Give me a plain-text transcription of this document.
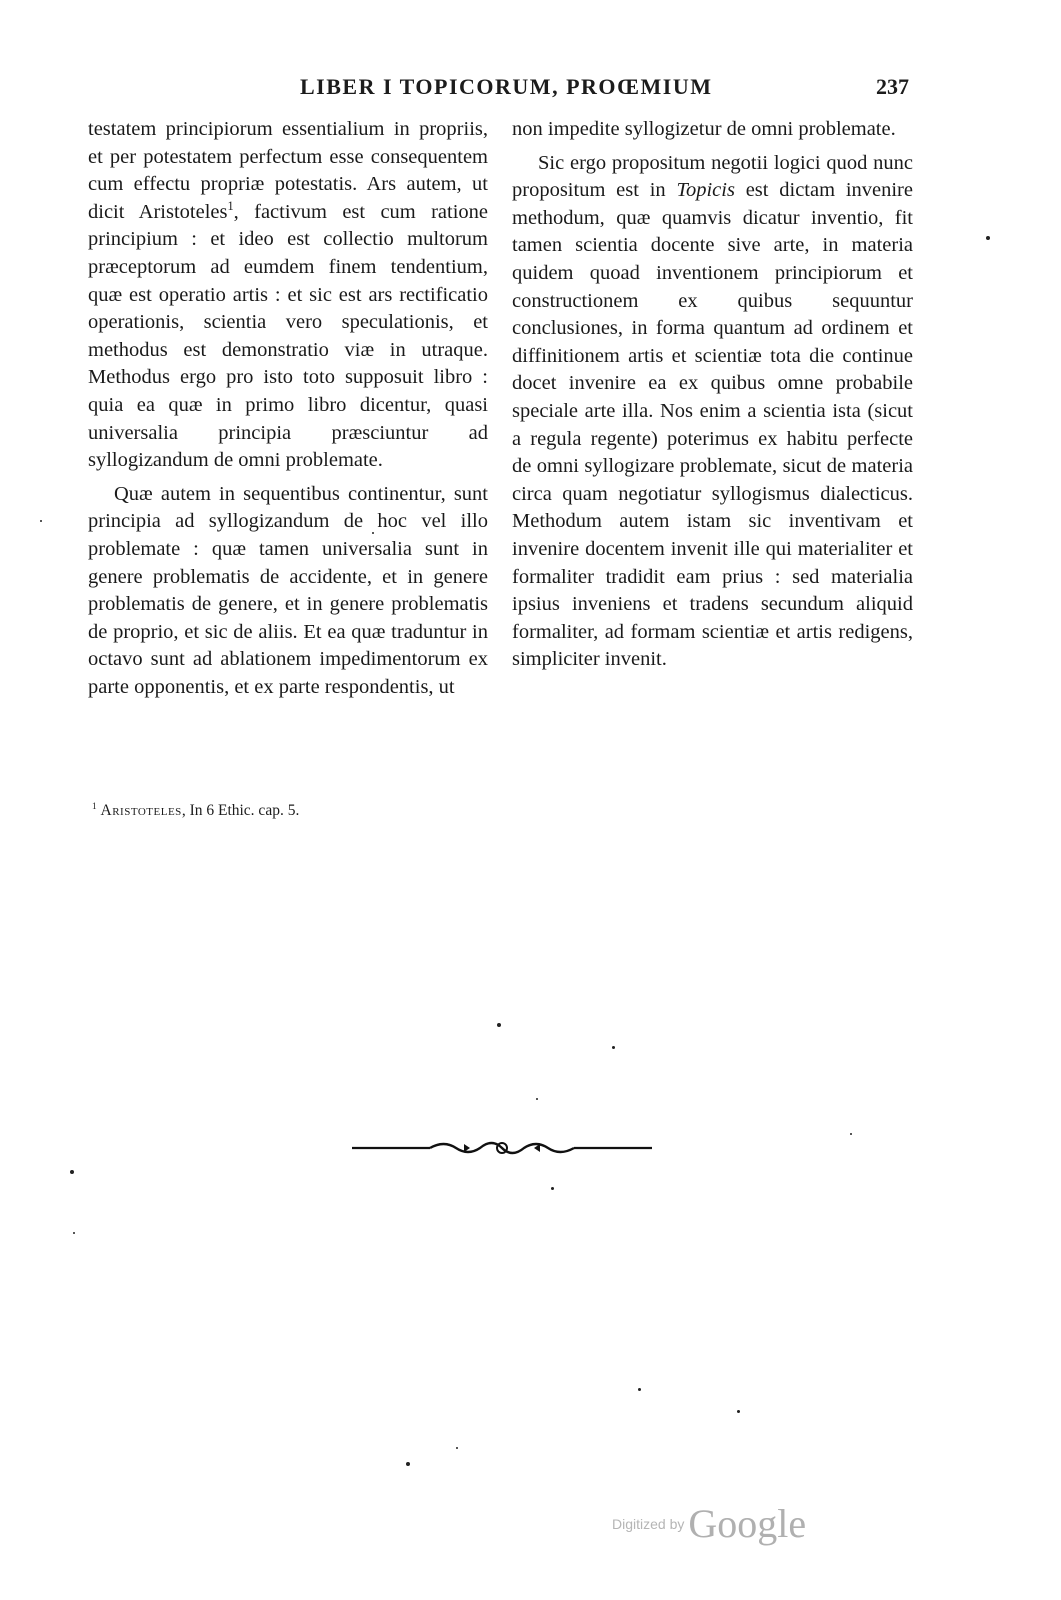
LIBER I TOPICORUM, PROŒMIUM	237

testatem principiorum essentialium in propriis, et per potestatem perfectum esse consequentem cum effectu propriæ potestatis. Ars autem, ut dicit Aristoteles$^1$, factivum est cum ratione principium : et ideo est collectio multorum præceptorum ad eumdem finem tendentium, quæ est operatio artis : et sic est ars rectificatio operationis, scientia vero speculationis, et methodus est demonstratio viæ in utraque. Methodus ergo pro isto toto supposuit libro : quia ea quæ in primo libro dicentur, quasi universalia principia præsciuntur ad syllogizandum de omni problemate.

Quæ autem in sequentibus continentur, sunt principia ad syllogizandum de hoc vel illo problemate : quæ tamen universalia sunt in genere problematis de accidente, et in genere problematis de genere, et in genere problematis de proprio, et sic de aliis. Et ea quæ traduntur in octavo sunt ad ablationem impedimentorum ex parte opponentis, et ex parte respondentis, ut

non impedite syllogizetur de omni problemate.

Sic ergo propositum negotii logici quod nunc propositum est in Topicis est dictam invenire methodum, quæ quamvis dicatur inventio, fit tamen scientia docente sive arte, in materia quidem quoad inventionem principiorum et constructionem ex quibus sequuntur conclusiones, in forma quantum ad ordinem et diffinitionem artis et scientiæ tota die continue docet invenire ea ex quibus omne probabile speciale arte illa. Nos enim a scientia ista (sicut a regula regente) poterimus ex habitu perfecte de omni syllogizare problemate, sicut de materia circa quam negotiatur syllogismus dialecticus. Methodum autem istam sic inventivam et invenire docentem invenit ille qui materialiter et formaliter tradidit eam prius : sed materialia ipsius inveniens et tradens secundum aliquid formaliter, ad formam scientiæ et artis redigens, simpliciter invenit.

$^1$ Aristoteles, In 6 Ethic. cap. 5.
Digitized by Google
